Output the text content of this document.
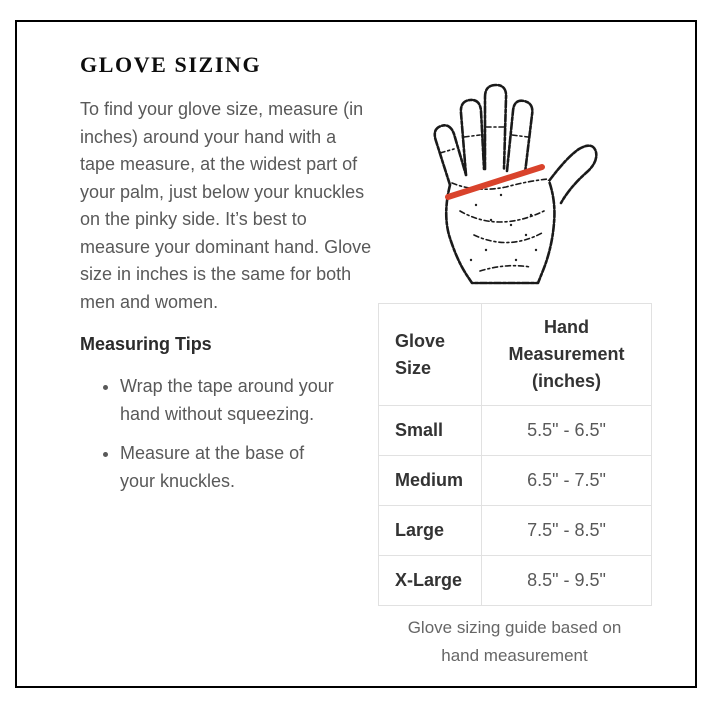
GLOVE SIZING

To find your glove size, measure (in inches) around your hand with a tape measure, at the widest part of your palm, just below your knuckles on the pinky side. It’s best to measure your dominant hand. Glove size in inches is the same for both men and women.

Measuring Tips
• Wrap the tape around your hand without squeezing.
• Measure at the base of your knuckles.
Glove Size	Hand Measurement (inches)
Small	5.5" - 6.5"
Medium	6.5" - 7.5"
Large	7.5" - 8.5"
X-Large	8.5" - 9.5"
Glove sizing guide based on hand measurement
